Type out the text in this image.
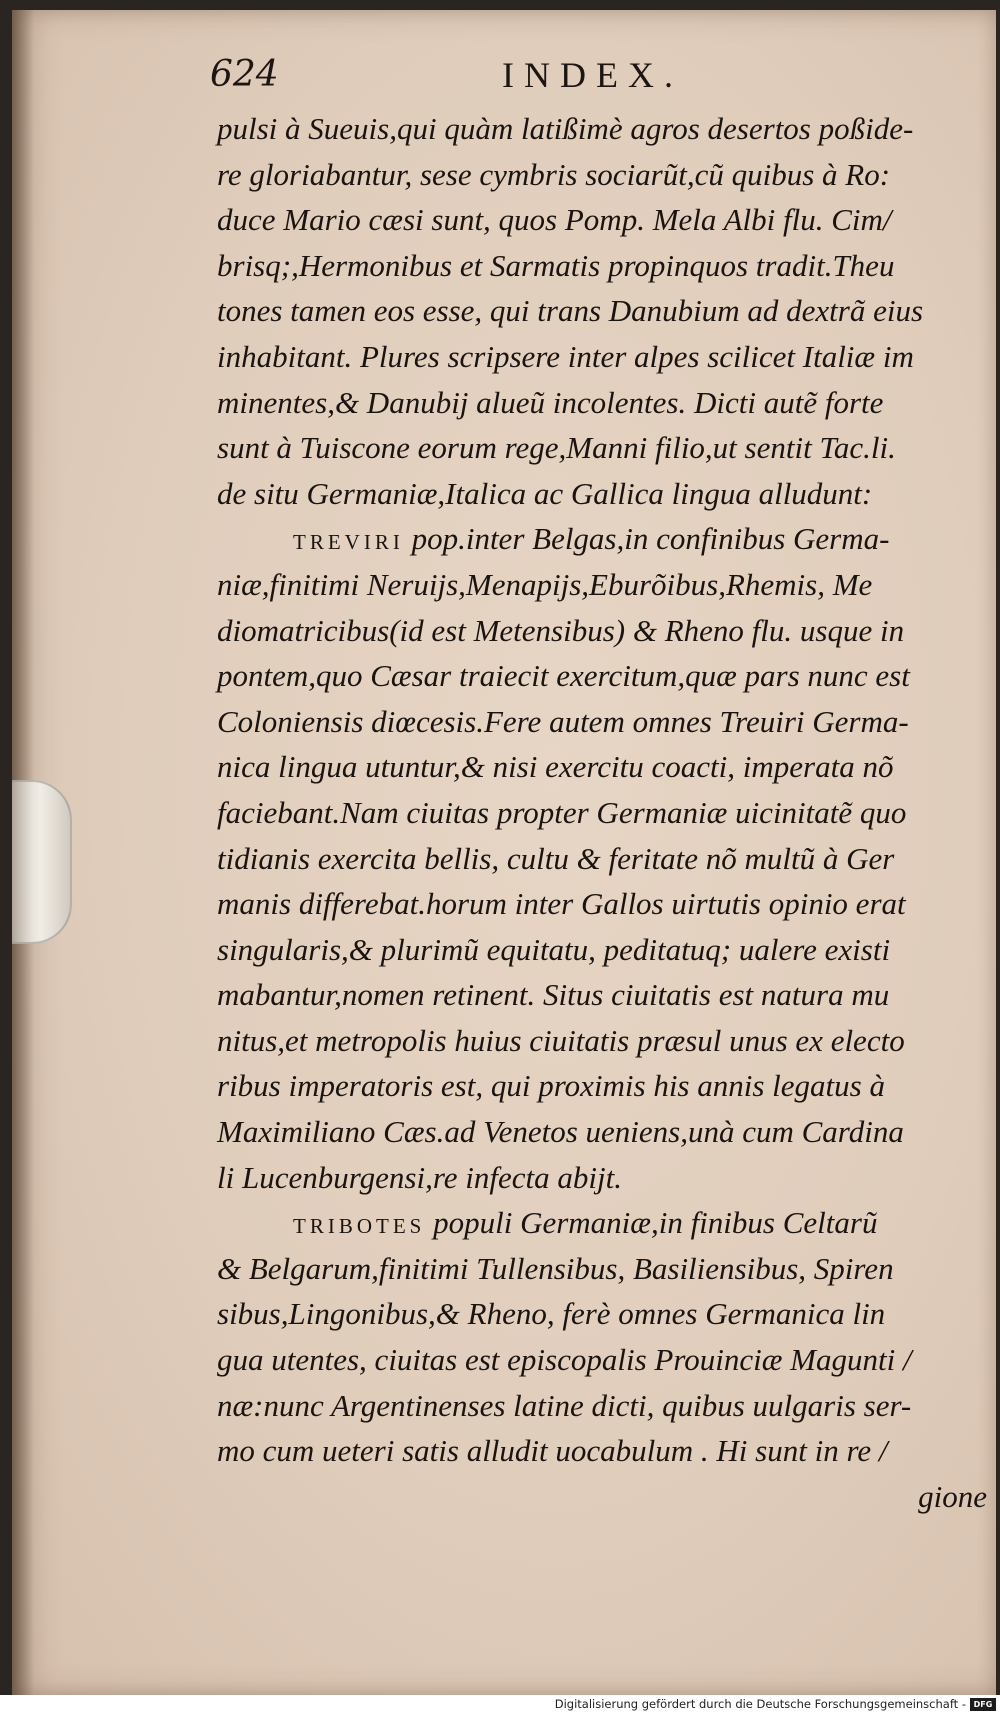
624	INDEX.

pulsi à Sueuis,qui quàm latißimè agros desertos poßide-

re gloriabantur, sese cymbris sociarũt,cũ quibus à Ro:

duce Mario cæsi sunt, quos Pomp. Mela Albi flu. Cim/

brisq;,Hermonibus et Sarmatis propinquos tradit.Theu

tones tamen eos esse, qui trans Danubium ad dextrã eius

inhabitant. Plures scripsere inter alpes scilicet Italiæ im

minentes,& Danubij alueũ incolentes. Dicti autẽ forte

sunt à Tuiscone eorum rege,Manni filio,ut sentit Tac.li.

de situ Germaniæ,Italica ac Gallica lingua alludunt:

TREVIRI pop.inter Belgas,in confinibus Germa-

niæ,finitimi Neruijs,Menapijs,Eburõibus,Rhemis, Me

diomatricibus(id est Metensibus) & Rheno flu. usque in

pontem,quo Cæsar traiecit exercitum,quæ pars nunc est

Coloniensis diœcesis.Fere autem omnes Treuiri Germa-

nica lingua utuntur,& nisi exercitu coacti, imperata nõ

faciebant.Nam ciuitas propter Germaniæ uicinitatẽ quo

tidianis exercita bellis, cultu & feritate nõ multũ à Ger

manis differebat.horum inter Gallos uirtutis opinio erat

singularis,& plurimũ equitatu, peditatuq; ualere existi

mabantur,nomen retinent. Situs ciuitatis est natura mu

nitus,et metropolis huius ciuitatis præsul unus ex electo

ribus imperatoris est, qui proximis his annis legatus à

Maximiliano Cæs.ad Venetos ueniens,unà cum Cardina

li Lucenburgensi,re infecta abijt.

TRIBOTES populi Germaniæ,in finibus Celtarũ

& Belgarum,finitimi Tullensibus, Basiliensibus, Spiren

sibus,Lingonibus,& Rheno, ferè omnes Germanica lin

gua utentes, ciuitas est episcopalis Prouinciæ Magunti /

næ:nunc Argentinenses latine dicti, quibus uulgaris ser-

mo cum ueteri satis alludit uocabulum . Hi sunt in re /

gione

Digitalisierung gefördert durch die Deutsche Forschungsgemeinschaft - DFG
